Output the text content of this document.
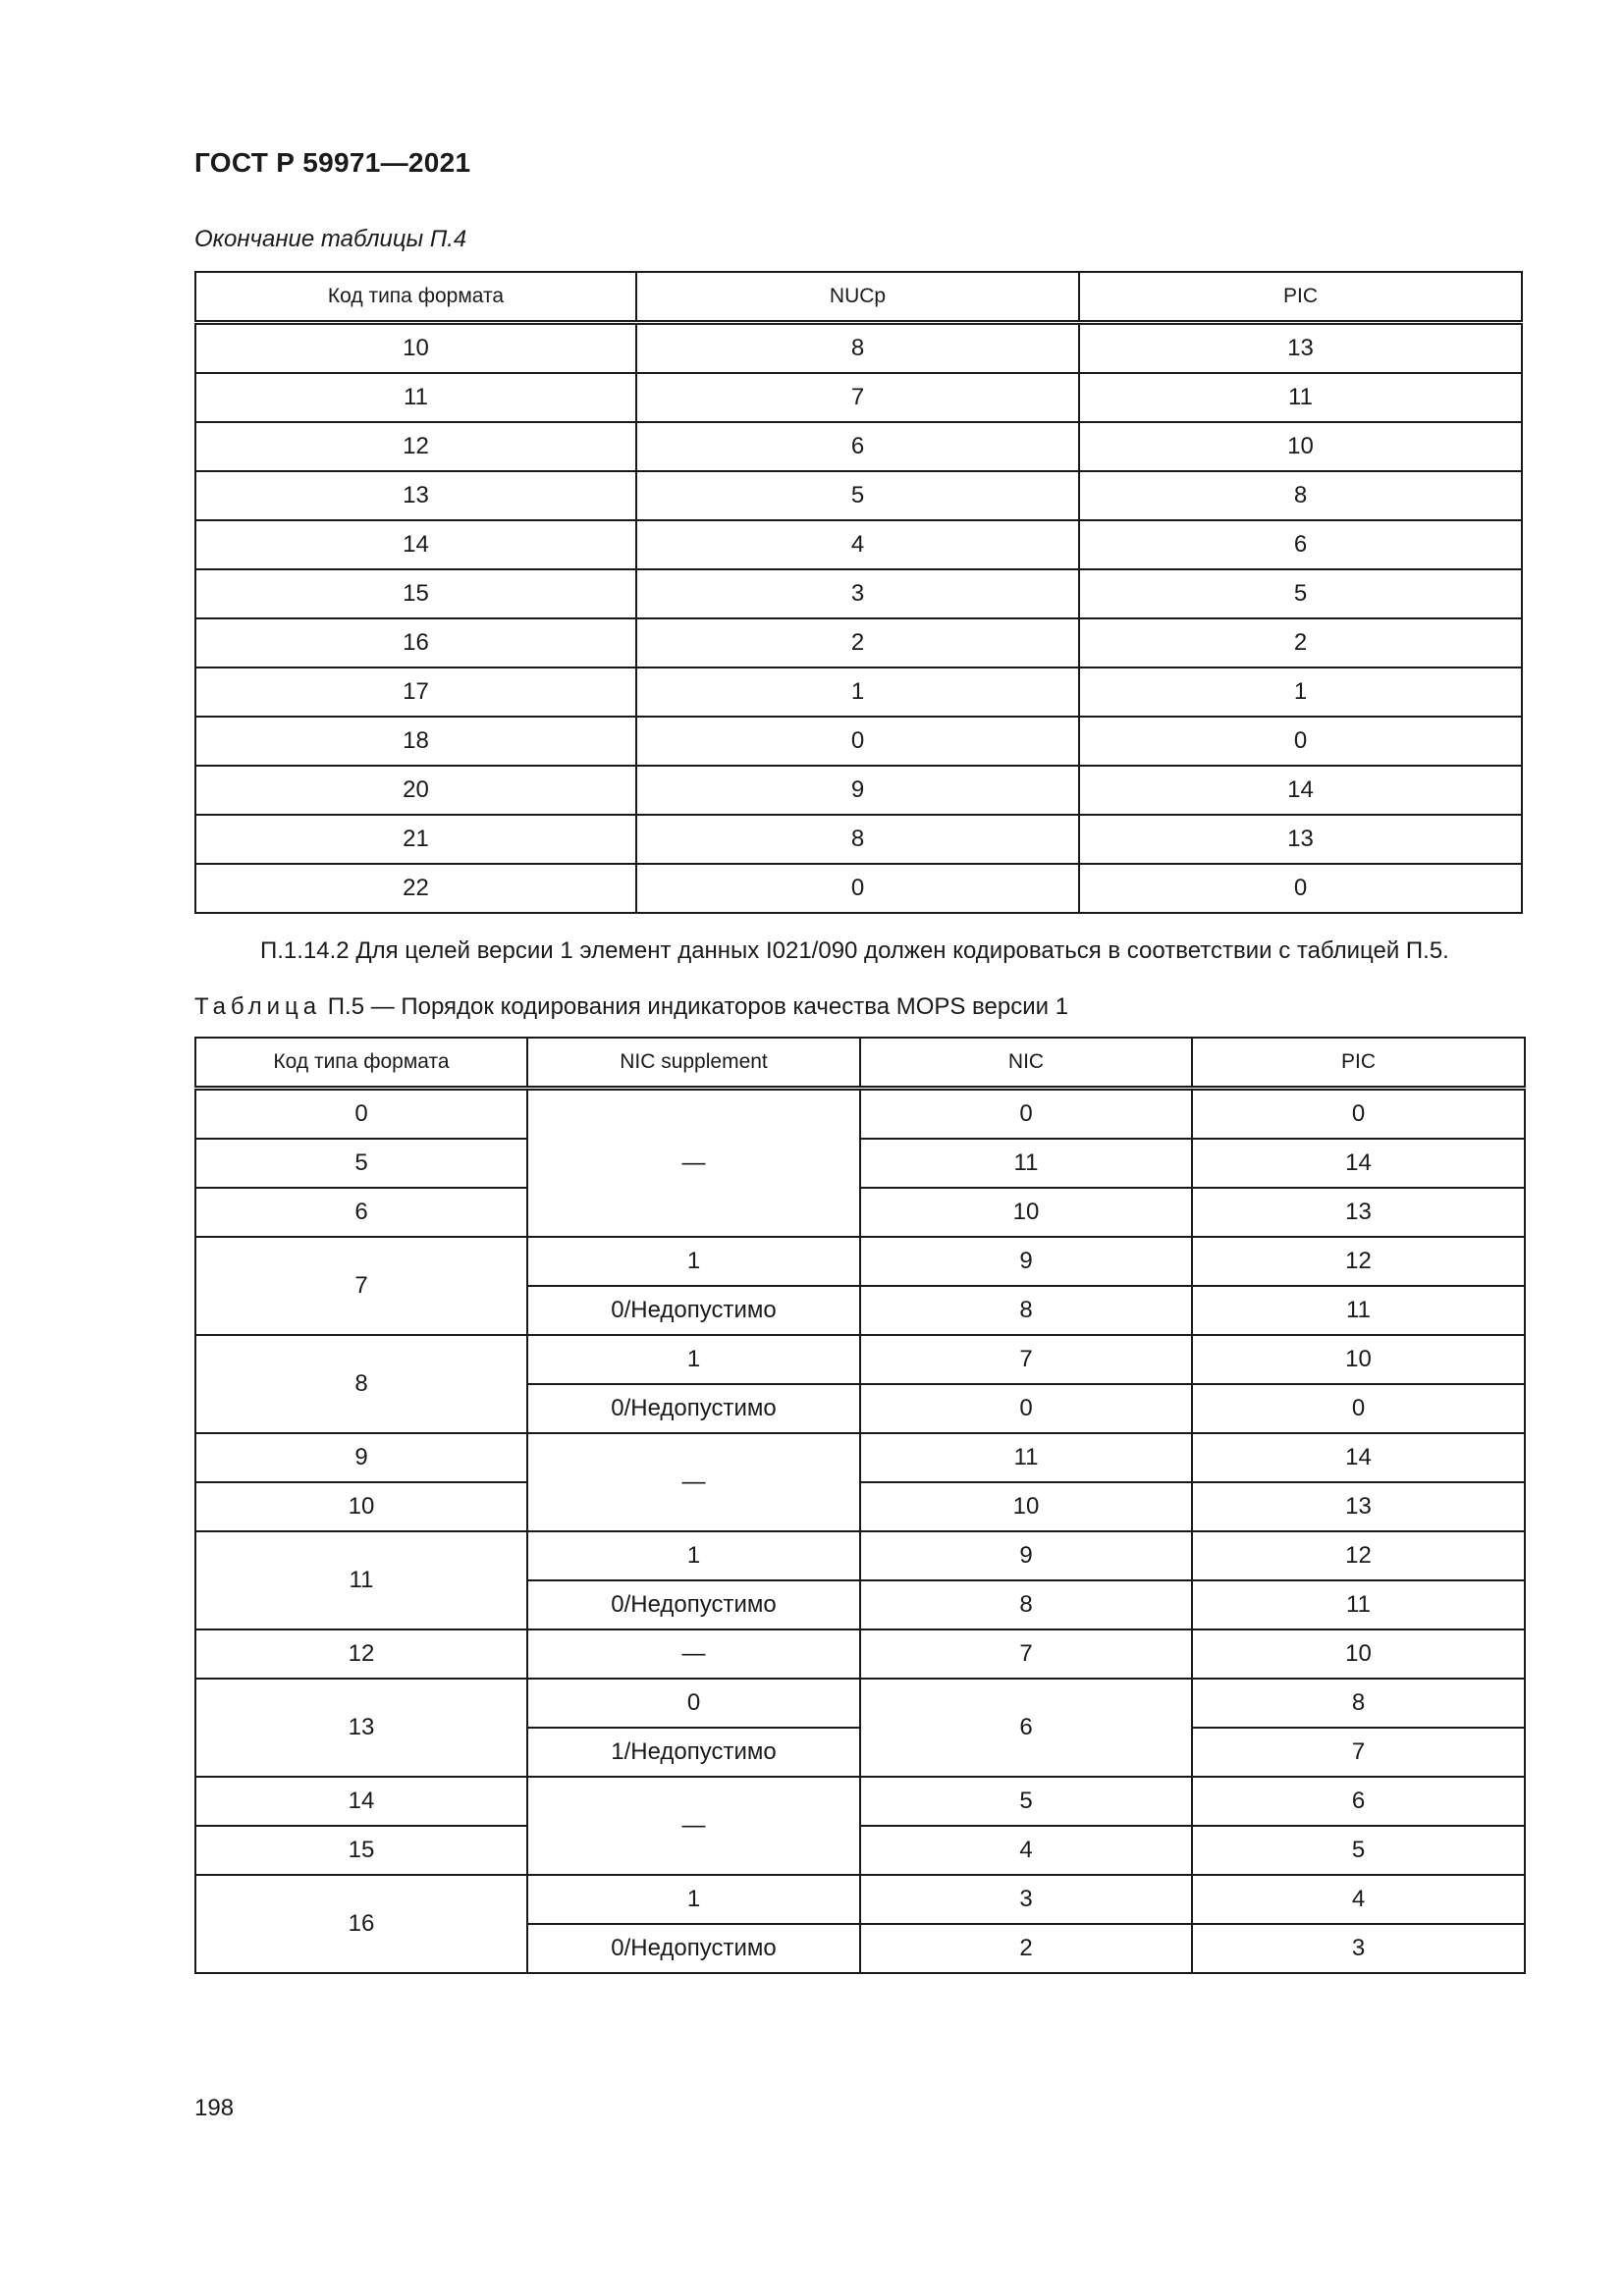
ГОСТ Р 59971—2021
Окончание таблицы П.4
Код типа формата	NUCp	PIC
10	8	13
11	7	11
12	6	10
13	5	8
14	4	6
15	3	5
16	2	2
17	1	1
18	0	0
20	9	14
21	8	13
22	0	0
П.1.14.2 Для целей версии 1 элемент данных I021/090 должен кодироваться в соответствии с таблицей П.5.
Таблица П.5 — Порядок кодирования индикаторов качества MOPS версии 1
Код типа формата	NIC supplement	NIC	PIC
0	—	0	0
5		11	14
6		10	13
7	1	9	12
	0/Недопустимо	8	11
8	1	7	10
	0/Недопустимо	0	0
9	—	11	14
10		10	13
11	1	9	12
	0/Недопустимо	8	11
12	—	7	10
13	0	6	8
	1/Недопустимо		7
14	—	5	6
15		4	5
16	1	3	4
	0/Недопустимо	2	3
198
